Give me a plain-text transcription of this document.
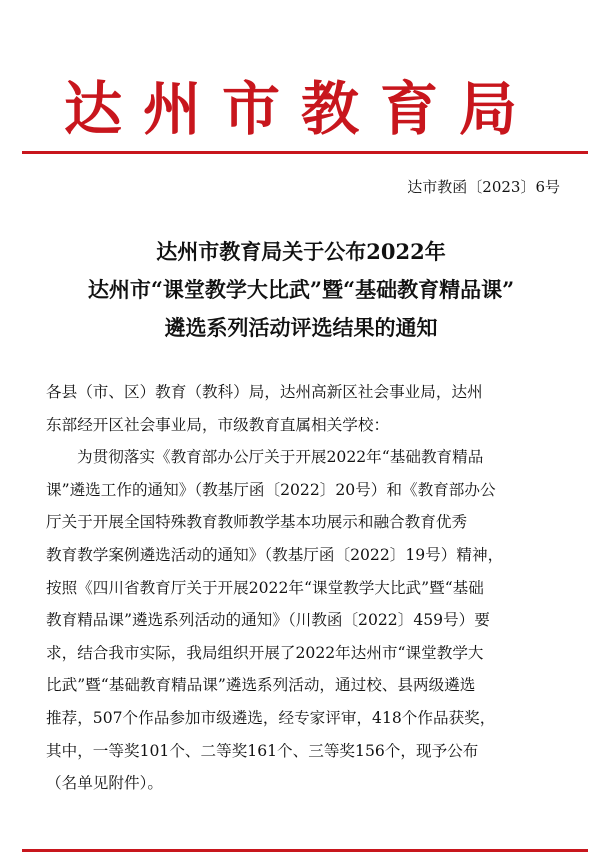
达州市教育局
达市教函〔2023〕6号
达州市教育局关于公布2022年
达州市“课堂教学大比武”暨“基础教育精品课”
遴选系列活动评选结果的通知
各县（市、区）教育（教科）局，达州高新区社会事业局，达州
东部经开区社会事业局，市级教育直属相关学校：
为贯彻落实《教育部办公厅关于开展2022年“基础教育精品
课”遴选工作的通知》（教基厅函〔2022〕20号）和《教育部办公
厅关于开展全国特殊教育教师教学基本功展示和融合教育优秀
教育教学案例遴选活动的通知》（教基厅函〔2022〕19号）精神，
按照《四川省教育厅关于开展2022年“课堂教学大比武”暨“基础
教育精品课”遴选系列活动的通知》（川教函〔2022〕459号）要
求，结合我市实际，我局组织开展了2022年达州市“课堂教学大
比武”暨“基础教育精品课”遴选系列活动，通过校、县两级遴选
推荐，507个作品参加市级遴选，经专家评审，418个作品获奖，
其中，一等奖101个、二等奖161个、三等奖156个，现予公布
（名单见附件）。
